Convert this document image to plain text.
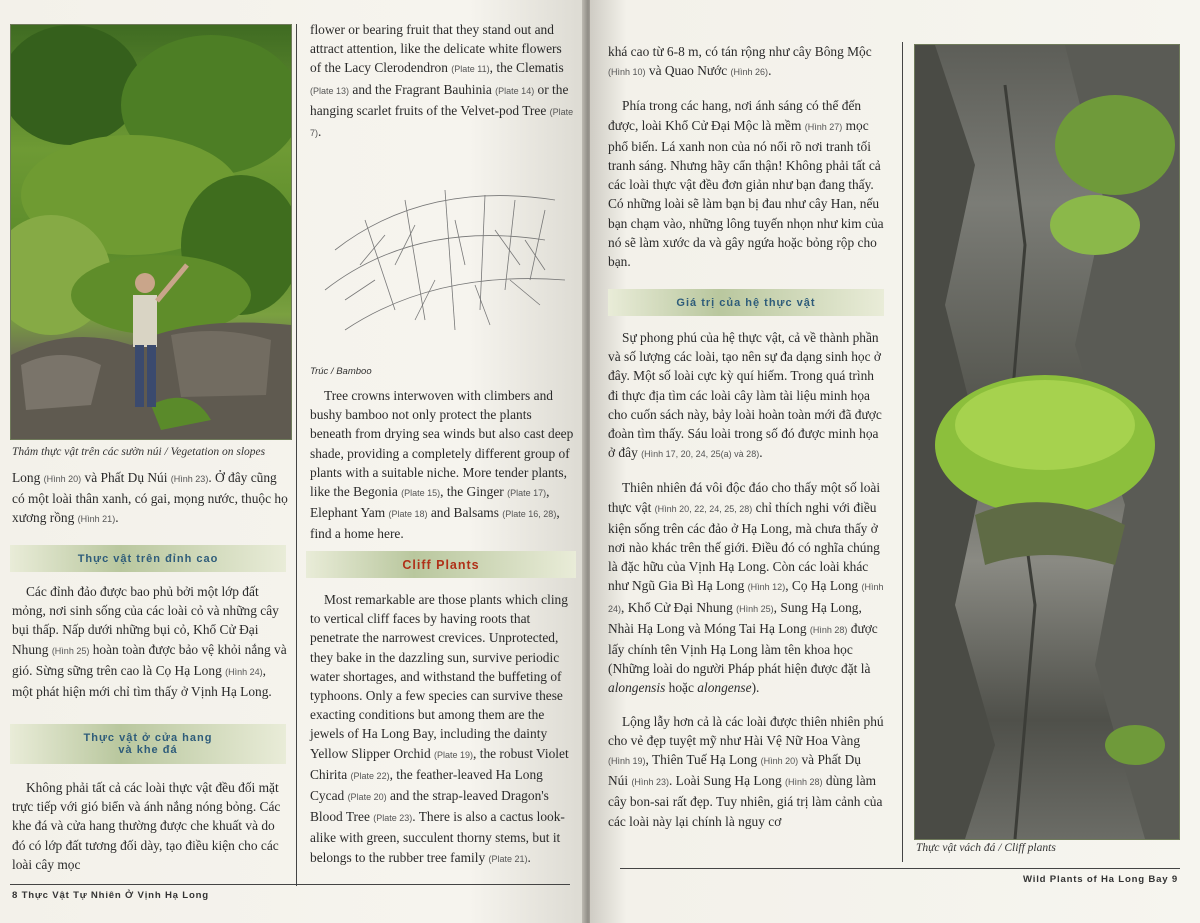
Thảm thực vật trên các sườn núi / Vegetation on slopes

Long (Hình 20) và Phất Dụ Núi (Hình 23). Ở đây cũng có một loài thân xanh, có gai, mọng nước, thuộc họ xương rồng (Hình 21).

Thực vật trên đỉnh cao

Các đỉnh đảo được bao phủ bởi một lớp đất mỏng, nơi sinh sống của các loài cỏ và những cây bụi thấp. Nấp dưới những bụi cỏ, Khổ Cử Đại Nhung (Hình 25) hoàn toàn được bảo vệ khỏi nắng và gió. Sừng sững trên cao là Cọ Hạ Long (Hình 24), một phát hiện mới chỉ tìm thấy ở Vịnh Hạ Long.

Thực vật ở cửa hang
và khe đá

Không phải tất cả các loài thực vật đều đối mặt trực tiếp với gió biển và ánh nắng nóng bỏng. Các khe đá và cửa hang thường được che khuất và do đó có lớp đất tương đối dày, tạo điều kiện cho các loài cây mọc

flower or bearing fruit that they stand out and attract attention, like the delicate white flowers of the Lacy Clerodendron (Plate 11), the Clematis (Plate 13) and the Fragrant Bauhinia (Plate 14) or the hanging scarlet fruits of the Velvet-pod Tree (Plate 7).

Trúc / Bamboo

Tree crowns interwoven with climbers and bushy bamboo not only protect the plants beneath from drying sea winds but also cast deep shade, providing a completely different group of plants with a suitable niche. More tender plants, like the Begonia (Plate 15), the Ginger (Plate 17), Elephant Yam (Plate 18) and Balsams (Plate 16, 28), find a home here.

Cliff Plants

Most remarkable are those plants which cling to vertical cliff faces by having roots that penetrate the narrowest crevices. Unprotected, they bake in the dazzling sun, survive periodic water shortages, and withstand the buffeting of typhoons. Only a few species can survive these exacting conditions but among them are the jewels of Ha Long Bay, including the dainty Yellow Slipper Orchid (Plate 19), the robust Violet Chirita (Plate 22), the feather-leaved Ha Long Cycad (Plate 20) and the strap-leaved Dragon's Blood Tree (Plate 23). There is also a cactus look-alike with green, succulent thorny stems, but it belongs to the rubber tree family (Plate 21).

8 Thực Vật Tự Nhiên Ở Vịnh Hạ Long

khá cao từ 6-8 m, có tán rộng như cây Bông Mộc (Hình 10) và Quao Nước (Hình 26).

Phía trong các hang, nơi ánh sáng có thể đến được, loài Khổ Cử Đại Mộc là mềm (Hình 27) mọc phổ biến. Lá xanh non của nó nổi rõ nơi tranh tối tranh sáng. Nhưng hãy cẩn thận! Không phải tất cả các loài thực vật đều đơn giản như bạn đang thấy. Có những loài sẽ làm bạn bị đau như cây Han, nếu bạn chạm vào, những lông tuyến nhọn như kim của nó sẽ làm xước da và gây ngứa hoặc bỏng rộp cho bạn.

Giá trị của hệ thực vật

Sự phong phú của hệ thực vật, cả về thành phần và số lượng các loài, tạo nên sự đa dạng sinh học ở đây. Một số loài cực kỳ quí hiếm. Trong quá trình đi thực địa tìm các loài cây làm tài liệu minh họa cho cuốn sách này, bảy loài hoàn toàn mới đã được đoàn tìm thấy. Sáu loài trong số đó được minh họa ở đây (Hình 17, 20, 24, 25(a) và 28).

Thiên nhiên đá vôi độc đáo cho thấy một số loài thực vật (Hình 20, 22, 24, 25, 28) chỉ thích nghi với điều kiện sống trên các đảo ở Hạ Long, mà chưa thấy ở nơi nào khác trên thế giới. Điều đó có nghĩa chúng là đặc hữu của Vịnh Hạ Long. Còn các loài khác như Ngũ Gia Bì Hạ Long (Hình 12), Cọ Hạ Long (Hình 24), Khổ Cử Đại Nhung (Hình 25), Sung Hạ Long, Nhài Hạ Long và Móng Tai Hạ Long (Hình 28) được lấy chính tên Vịnh Hạ Long làm tên khoa học (Những loài do người Pháp phát hiện được đặt là alongensis hoặc alongense).

Lộng lẫy hơn cả là các loài được thiên nhiên phú cho vẻ đẹp tuyệt mỹ như Hài Vệ Nữ Hoa Vàng (Hình 19), Thiên Tuế Hạ Long (Hình 20) và Phất Dụ Núi (Hình 23). Loài Sung Hạ Long (Hình 28) dùng làm cây bon-sai rất đẹp. Tuy nhiên, giá trị làm cảnh của các loài này lại chính là nguy cơ

Thực vật vách đá / Cliff plants
Wild Plants of Ha Long Bay 9
